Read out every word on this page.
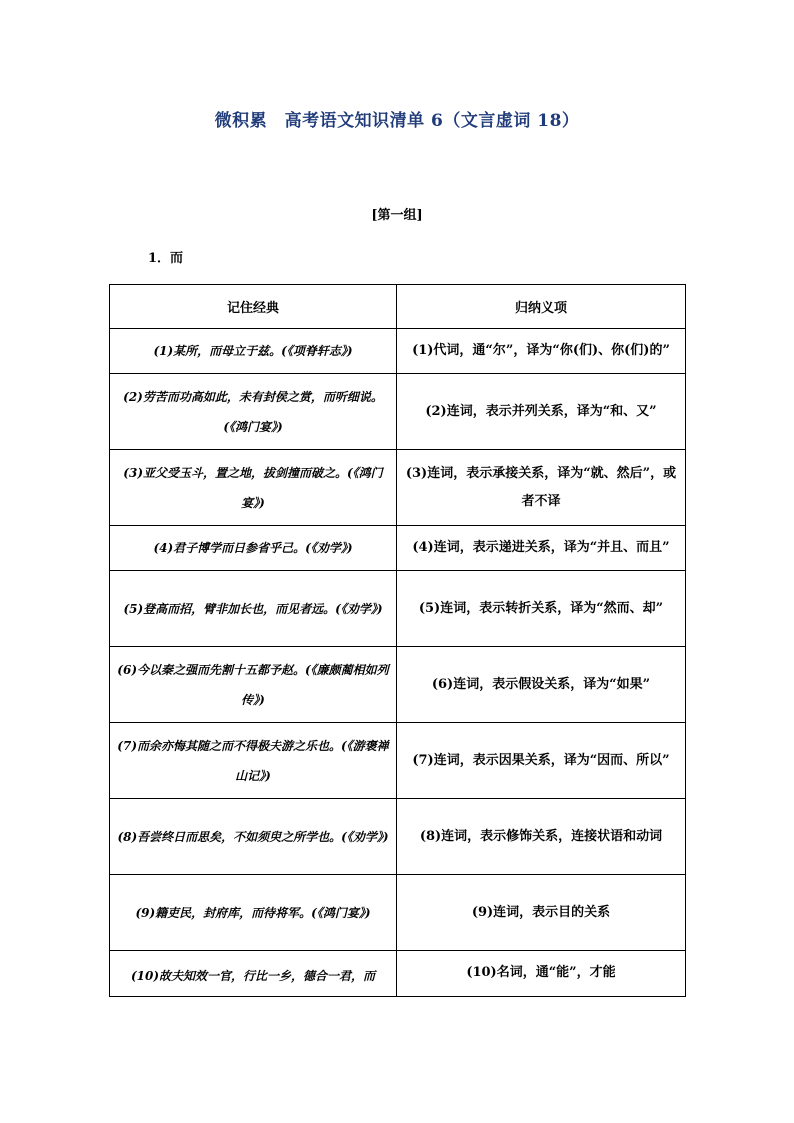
微积累　高考语文知识清单 6（文言虚词 18）
[第一组]
1．而
记住经典	归纳义项
(1)某所，而母立于兹。(《项脊轩志》)	(1)代词，通“尔”，译为“你(们)、你(们)的”
(2)劳苦而功高如此，未有封侯之赏，而听细说。(《鸿门宴》)	(2)连词，表示并列关系，译为“和、又”
(3)亚父受玉斗，置之地，拔剑撞而破之。(《鸿门宴》)	(3)连词，表示承接关系，译为“就、然后”，或者不译
(4)君子博学而日参省乎己。(《劝学》)	(4)连词，表示递进关系，译为“并且、而且”
(5)登高而招，臂非加长也，而见者远。(《劝学》)	(5)连词，表示转折关系，译为“然而、却”
(6)今以秦之强而先割十五都予赵。(《廉颇蔺相如列传》)	(6)连词，表示假设关系，译为“如果”
(7)而余亦悔其随之而不得极夫游之乐也。(《游褒禅山记》)	(7)连词，表示因果关系，译为“因而、所以”
(8)吾尝终日而思矣，不如须臾之所学也。(《劝学》)	(8)连词，表示修饰关系，连接状语和动词
(9)籍吏民，封府库，而待将军。(《鸿门宴》)	(9)连词，表示目的关系
(10)故夫知效一官，行比一乡，德合一君，而	(10)名词，通“能”，才能
